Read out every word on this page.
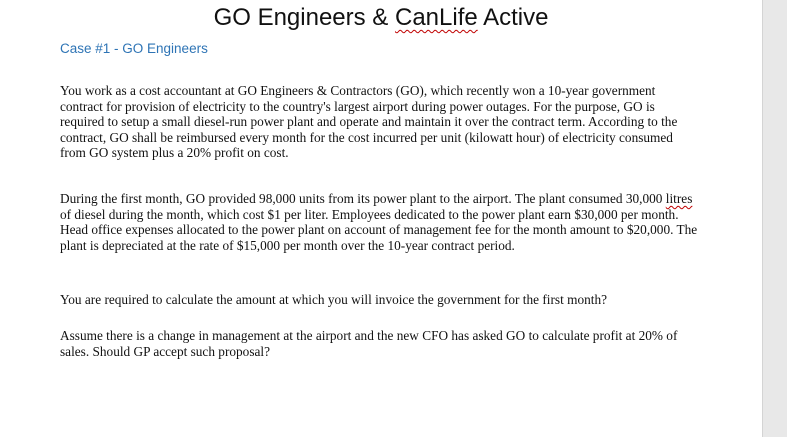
GO Engineers & CanLife Active
Case #1 - GO Engineers

You work as a cost accountant at GO Engineers & Contractors (GO), which recently won a 10-year government contract for provision of electricity to the country's largest airport during power outages. For the purpose, GO is required to setup a small diesel-run power plant and operate and maintain it over the contract term. According to the contract, GO shall be reimbursed every month for the cost incurred per unit (kilowatt hour) of electricity consumed from GO system plus a 20% profit on cost.

During the first month, GO provided 98,000 units from its power plant to the airport. The plant consumed 30,000 litres of diesel during the month, which cost $1 per liter. Employees dedicated to the power plant earn $30,000 per month. Head office expenses allocated to the power plant on account of management fee for the month amount to $20,000. The plant is depreciated at the rate of $15,000 per month over the 10-year contract period.

You are required to calculate the amount at which you will invoice the government for the first month?

Assume there is a change in management at the airport and the new CFO has asked GO to calculate profit at 20% of sales. Should GP accept such proposal?
